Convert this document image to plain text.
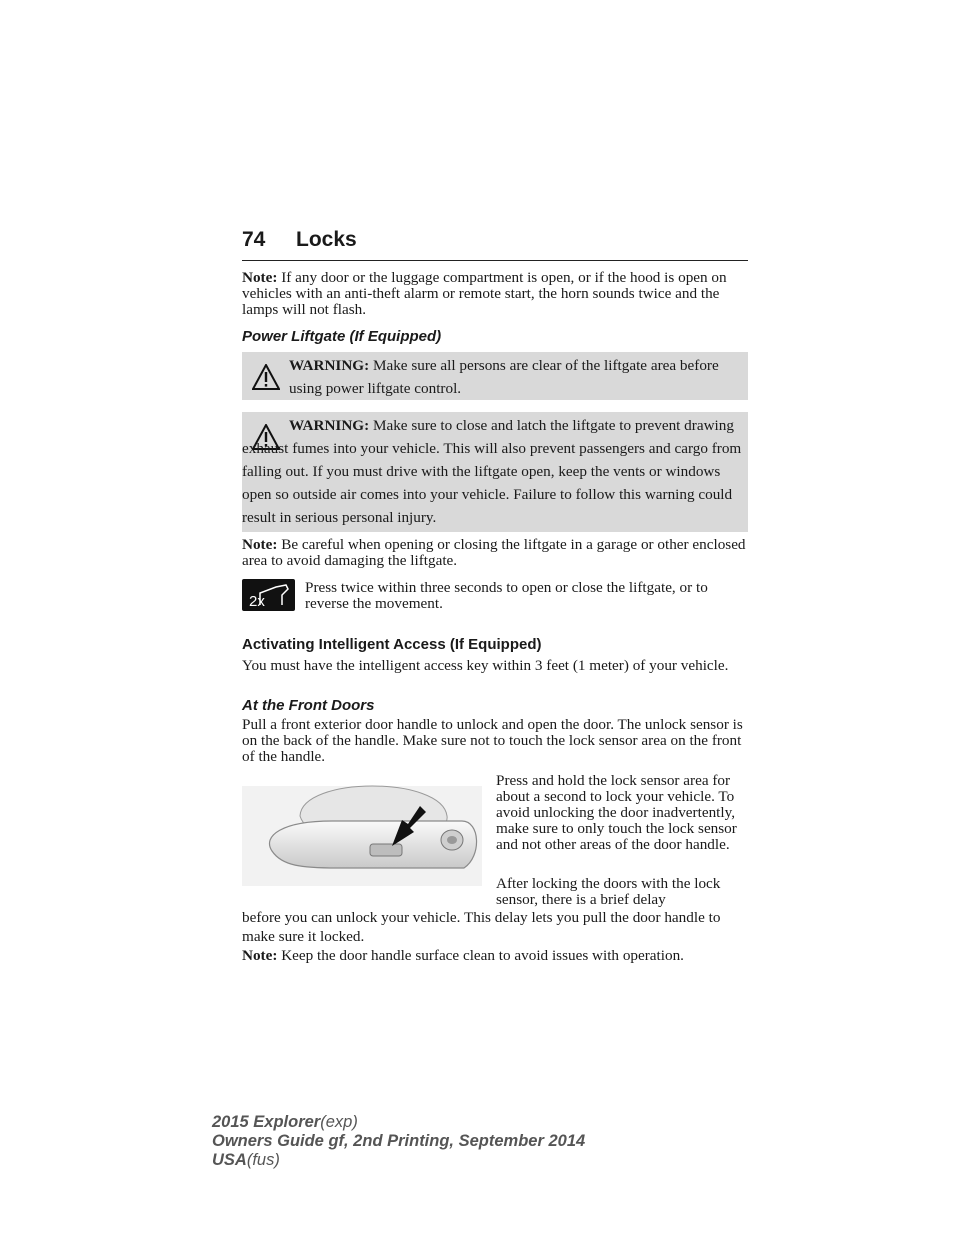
74 Locks
Note: If any door or the luggage compartment is open, or if the hood is open on vehicles with an anti-theft alarm or remote start, the horn sounds twice and the lamps will not flash.
Power Liftgate (If Equipped)
WARNING: Make sure all persons are clear of the liftgate area before using power liftgate control.
WARNING: Make sure to close and latch the liftgate to prevent drawing exhaust fumes into your vehicle. This will also prevent passengers and cargo from falling out. If you must drive with the liftgate open, keep the vents or windows open so outside air comes into your vehicle. Failure to follow this warning could result in serious personal injury.
Note: Be careful when opening or closing the liftgate in a garage or other enclosed area to avoid damaging the liftgate.
2x
Press twice within three seconds to open or close the liftgate, or to reverse the movement.
Activating Intelligent Access (If Equipped)
You must have the intelligent access key within 3 feet (1 meter) of your vehicle.
At the Front Doors
Pull a front exterior door handle to unlock and open the door. The unlock sensor is on the back of the handle. Make sure not to touch the lock sensor area on the front of the handle.
Press and hold the lock sensor area for about a second to lock your vehicle. To avoid unlocking the door inadvertently, make sure to only touch the lock sensor and not other areas of the door handle.
After locking the doors with the lock sensor, there is a brief delay
before you can unlock your vehicle. This delay lets you pull the door handle to make sure it locked.
Note: Keep the door handle surface clean to avoid issues with operation.
2015 Explorer(exp)
Owners Guide gf, 2nd Printing, September 2014
USA(fus)
